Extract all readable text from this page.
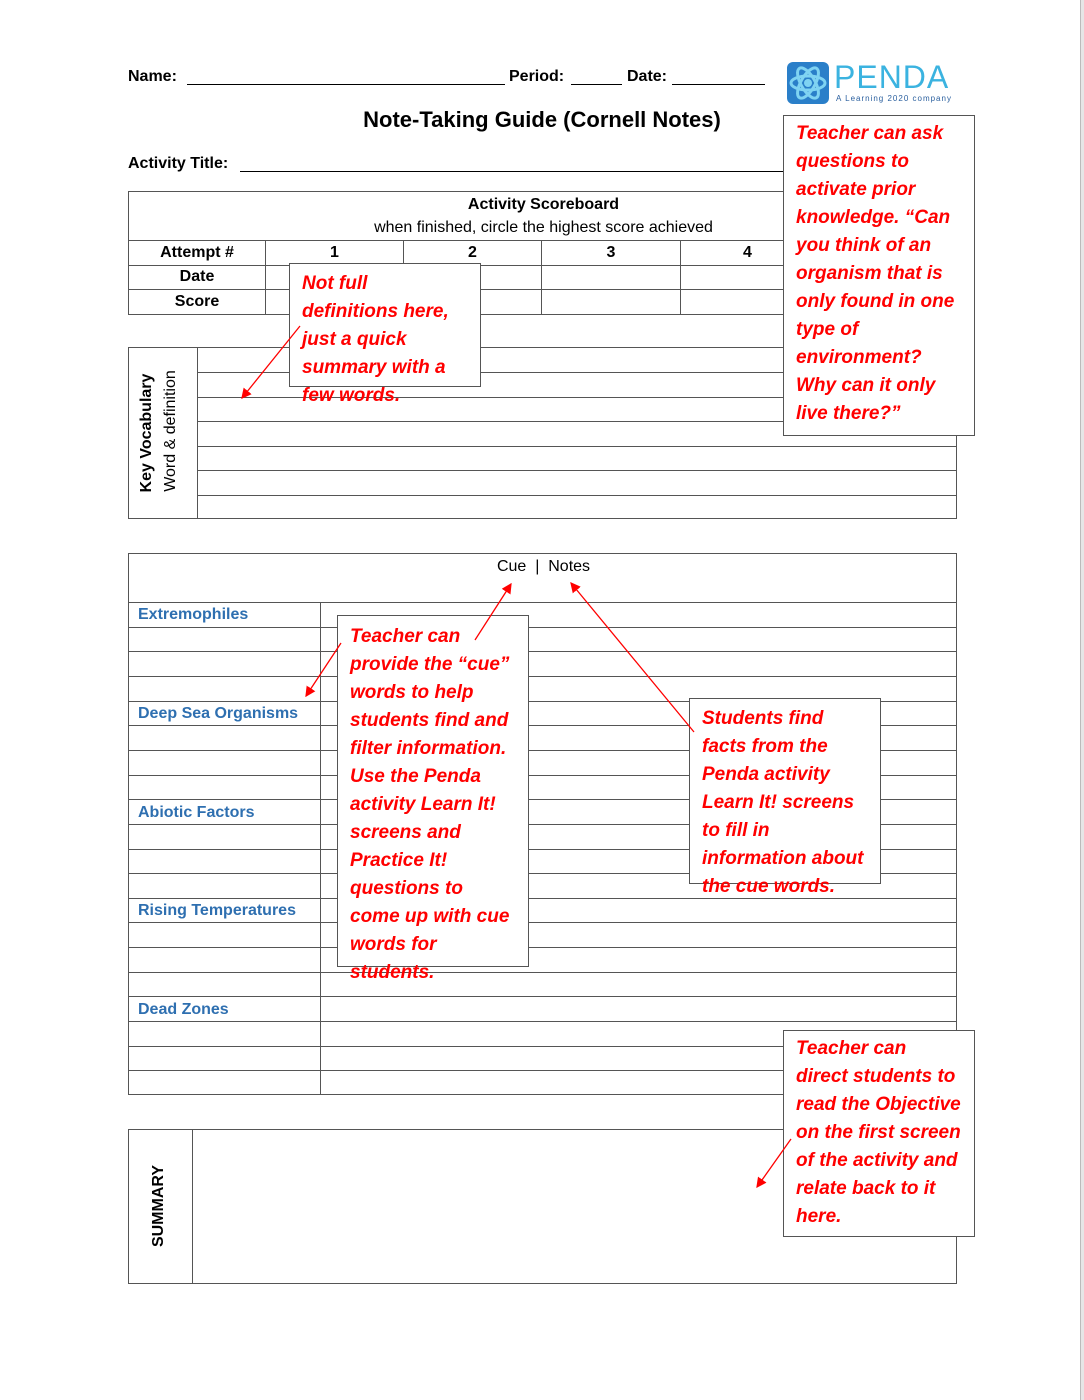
Name:	Period:	Date:	PENDA
A Learning 2020 company
Note-Taking Guide (Cornell Notes)
Activity Title:
Activity Scoreboard
when finished, circle the highest score achieved
Attempt #	1	2	3	4
Date				
Score				
Key Vocabulary Word & definition
Cue  |  Notes
Extremophiles
Deep Sea Organisms
Abiotic Factors
Rising Temperatures
Dead Zones
SUMMARY
Teacher can ask questions to activate prior knowledge. “Can you think of an organism that is only found in one type of environment? Why can it only live there?”
Not full definitions here, just a quick summary with a few words.
Teacher can provide the “cue” words to help students find and filter information. Use the Penda activity Learn It! screens and Practice It! questions to come up with cue words for students.
Students find facts from the Penda activity Learn It! screens to fill in information about the cue words.
Teacher can direct students to read the Objective on the first screen of the activity and relate back to it here.
